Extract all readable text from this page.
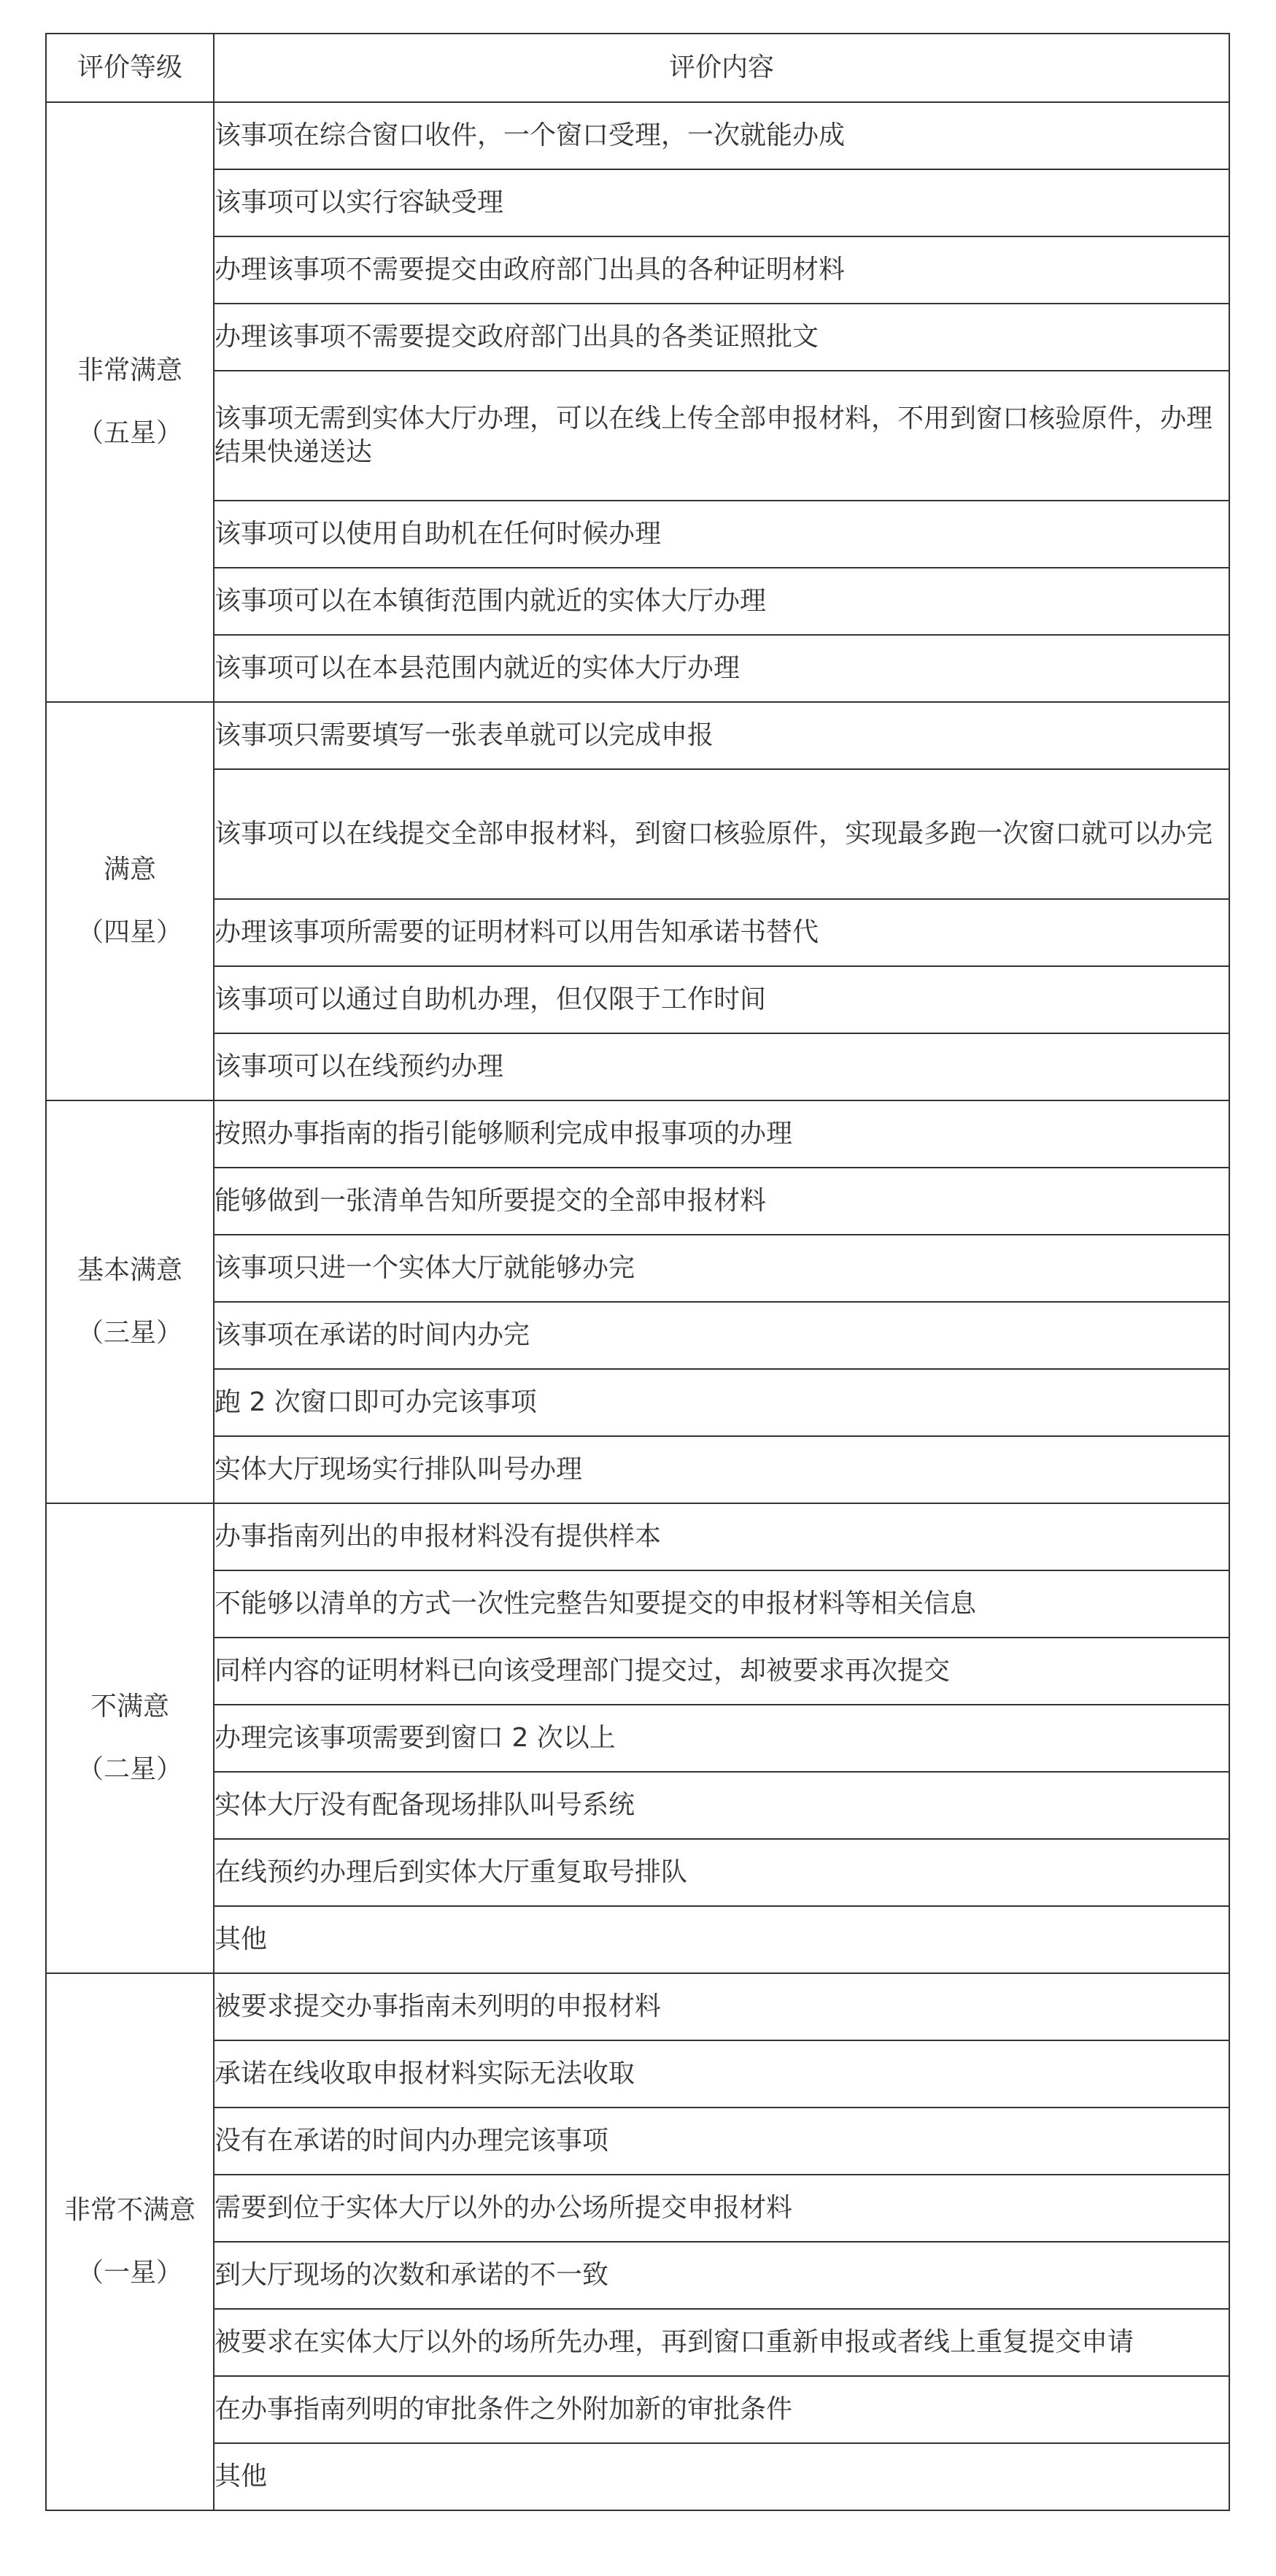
评价等级	评价内容
非常满意
（五星）	该事项在综合窗口收件，一个窗口受理，一次就能办成
	该事项可以实行容缺受理
	办理该事项不需要提交由政府部门出具的各种证明材料
	办理该事项不需要提交政府部门出具的各类证照批文
	该事项无需到实体大厅办理，可以在线上传全部申报材料，不用到窗口核验原件，办理结果快递送达
	该事项可以使用自助机在任何时候办理
	该事项可以在本镇街范围内就近的实体大厅办理
	该事项可以在本县范围内就近的实体大厅办理
满意
（四星）	该事项只需要填写一张表单就可以完成申报
	该事项可以在线提交全部申报材料，到窗口核验原件，实现最多跑一次窗口就可以办完
	办理该事项所需要的证明材料可以用告知承诺书替代
	该事项可以通过自助机办理，但仅限于工作时间
	该事项可以在线预约办理
基本满意
（三星）	按照办事指南的指引能够顺利完成申报事项的办理
	能够做到一张清单告知所要提交的全部申报材料
	该事项只进一个实体大厅就能够办完
	该事项在承诺的时间内办完
	跑 2 次窗口即可办完该事项
	实体大厅现场实行排队叫号办理
不满意
（二星）	办事指南列出的申报材料没有提供样本
	不能够以清单的方式一次性完整告知要提交的申报材料等相关信息
	同样内容的证明材料已向该受理部门提交过，却被要求再次提交
	办理完该事项需要到窗口 2 次以上
	实体大厅没有配备现场排队叫号系统
	在线预约办理后到实体大厅重复取号排队
	其他
非常不满意
（一星）	被要求提交办事指南未列明的申报材料
	承诺在线收取申报材料实际无法收取
	没有在承诺的时间内办理完该事项
	需要到位于实体大厅以外的办公场所提交申报材料
	到大厅现场的次数和承诺的不一致
	被要求在实体大厅以外的场所先办理，再到窗口重新申报或者线上重复提交申请
	在办事指南列明的审批条件之外附加新的审批条件
	其他
